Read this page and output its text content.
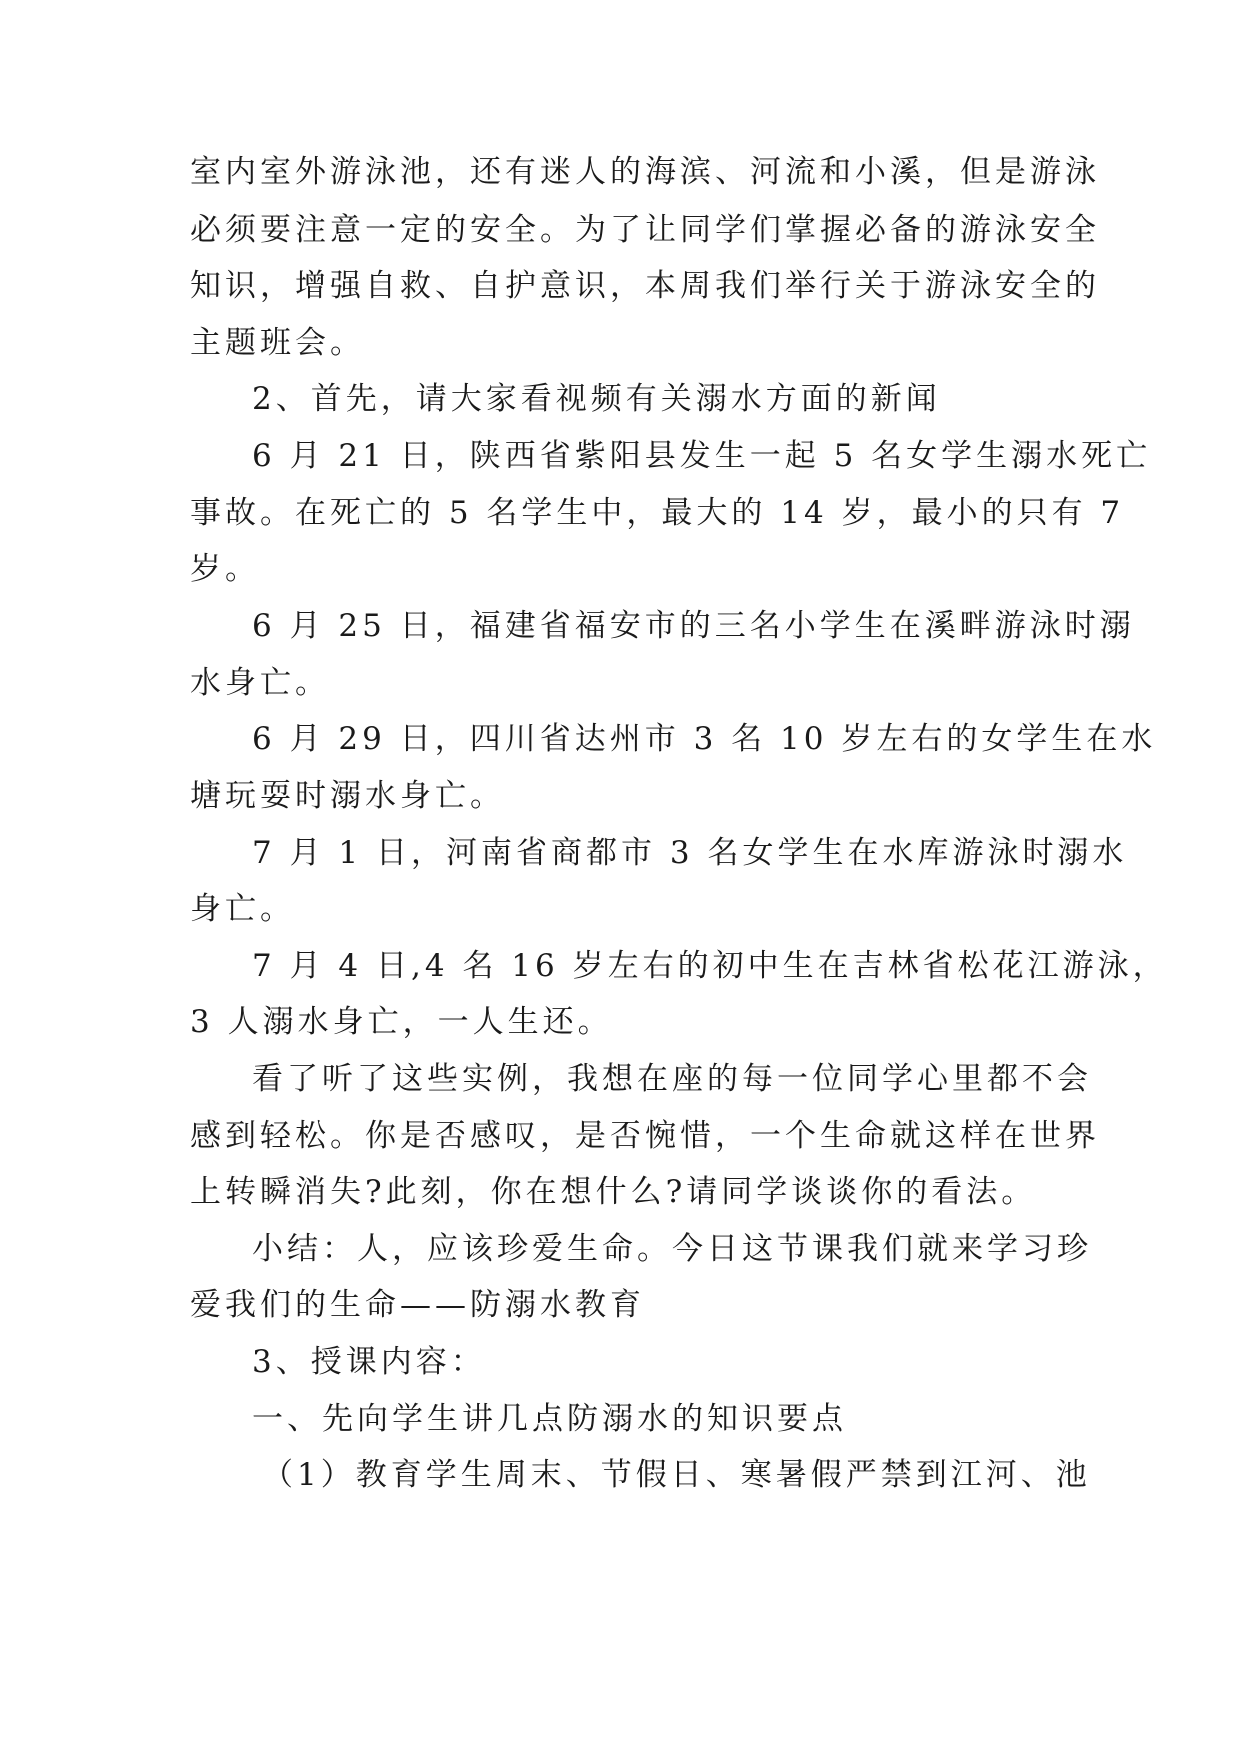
室内室外游泳池，还有迷人的海滨、河流和小溪，但是游泳
必须要注意一定的安全。为了让同学们掌握必备的游泳安全
知识，增强自救、自护意识，本周我们举行关于游泳安全的
主题班会。
2、首先，请大家看视频有关溺水方面的新闻
6 月 21 日，陕西省紫阳县发生一起 5 名女学生溺水死亡
事故。在死亡的 5 名学生中，最大的 14 岁，最小的只有 7
岁。
6 月 25 日，福建省福安市的三名小学生在溪畔游泳时溺
水身亡。
6 月 29 日，四川省达州市 3 名 10 岁左右的女学生在水
塘玩耍时溺水身亡。
7 月 1 日，河南省商都市 3 名女学生在水库游泳时溺水
身亡。
7 月 4 日,4 名 16 岁左右的初中生在吉林省松花江游泳，
3 人溺水身亡，一人生还。
看了听了这些实例，我想在座的每一位同学心里都不会
感到轻松。你是否感叹，是否惋惜，一个生命就这样在世界
上转瞬消失?此刻，你在想什么?请同学谈谈你的看法。
小结：人，应该珍爱生命。今日这节课我们就来学习珍
爱我们的生命——防溺水教育
3、授课内容：
一、先向学生讲几点防溺水的知识要点
（1）教育学生周末、节假日、寒暑假严禁到江河、池
